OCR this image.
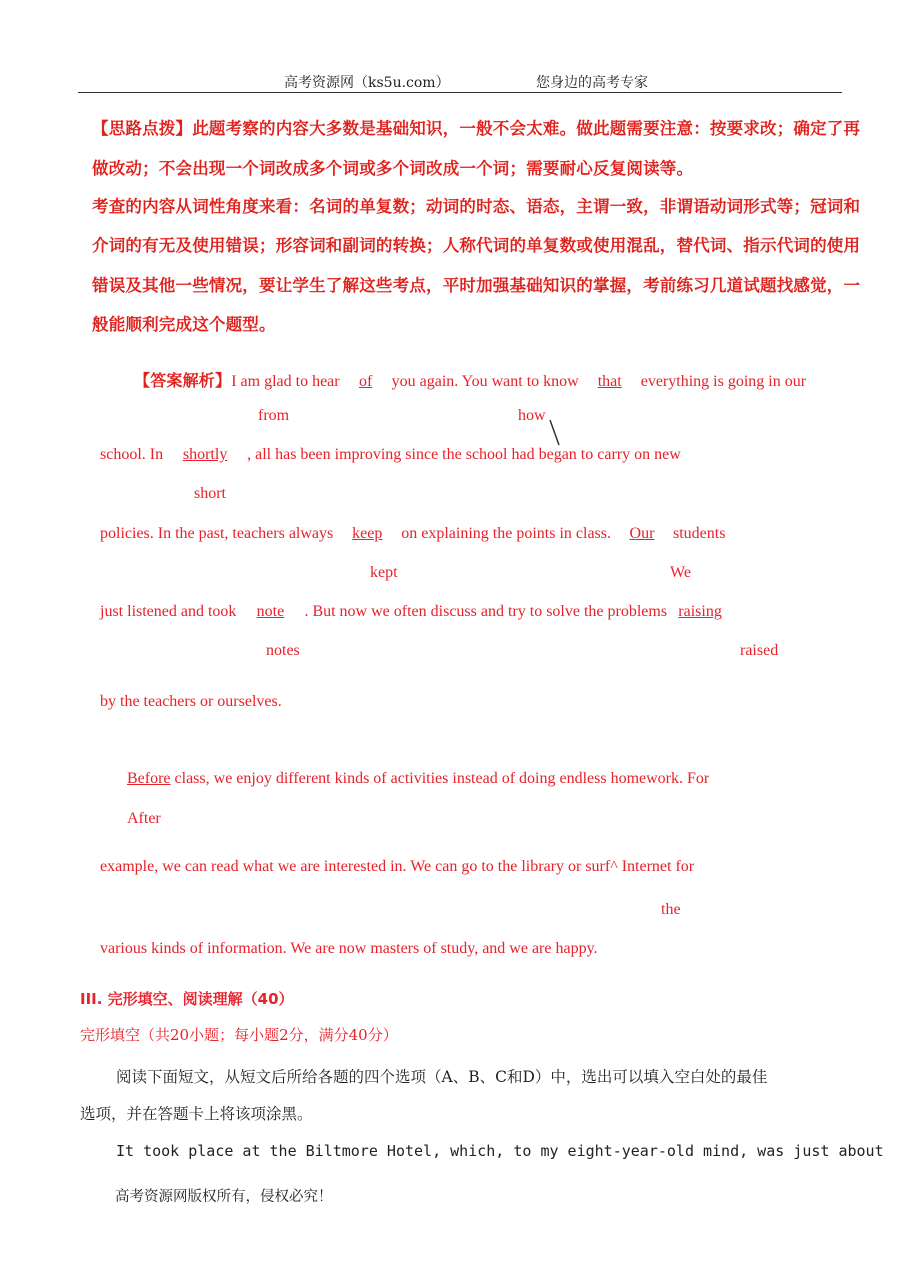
高考资源网（ks5u.com）	您身边的高考专家
【思路点拨】此题考察的内容大多数是基础知识，一般不会太难。做此题需要注意：按要求改；确定了再
做改动；不会出现一个词改成多个词或多个词改成一个词；需要耐心反复阅读等。
考查的内容从词性角度来看：名词的单复数；动词的时态、语态，主谓一致，非谓语动词形式等；冠词和
介词的有无及使用错误；形容词和副词的转换；人称代词的单复数或使用混乱，替代词、指示代词的使用
错误及其他一些情况，要让学生了解这些考点，平时加强基础知识的掌握，考前练习几道试题找感觉，一
般能顺利完成这个题型。
【答案解析】I am glad to hear of you again. You want to know that everything is going in our
from	how
school. In shortly , all has been improving since the school had began to carry on new
short
policies. In the past, teachers always keep on explaining the points in class. Our students
kept	We
just listened and took note . But now we often discuss and try to solve the problems raising
notes	raised
by the teachers or ourselves.
Before class, we enjoy different kinds of activities instead of doing endless homework. For
After
example, we can read what we are interested in. We can go to the library or surf^ Internet for
the
various kinds of information. We are now masters of study, and we are happy.
III. 完形填空、阅读理解（40）
完形填空（共20小题；每小题2分，满分40分）
阅读下面短文，从短文后所给各题的四个选项（A、B、C和D）中，选出可以填入空白处的最佳
选项，并在答题卡上将该项涂黑。
It took place at the Biltmore Hotel, which, to my eight-year-old mind, was just about
高考资源网版权所有，侵权必究！
